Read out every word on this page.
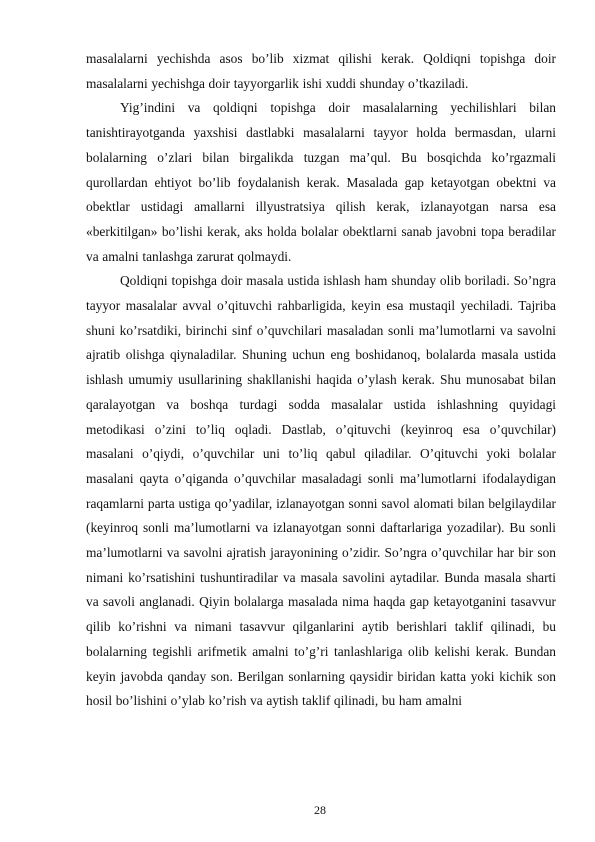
masalalarni yechishda asos bo’lib xizmat qilishi kerak. Qoldiqni topishga doir masalalarni yechishga doir tayyorgarlik ishi xuddi shunday o’tkaziladi.

Yig’indini va qoldiqni topishga doir masalalarning yechilishlari bilan tanishtirayotganda yaxshisi dastlabki masalalarni tayyor holda bermasdan, ularni bolalarning o’zlari bilan birgalikda tuzgan ma’qul. Bu bosqichda ko’rgazmali qurollardan ehtiyot bo’lib foydalanish kerak. Masalada gap ketayotgan obektni va obektlar ustidagi amallarni illyustratsiya qilish kerak, izlanayotgan narsa esa «berkitilgan» bo’lishi kerak, aks holda bolalar obektlarni sanab javobni topa beradilar va amalni tanlashga zarurat qolmaydi.

Qoldiqni topishga doir masala ustida ishlash ham shunday olib boriladi. So’ngra tayyor masalalar avval o’qituvchi rahbarligida, keyin esa mustaqil yechiladi. Tajriba shuni ko’rsatdiki, birinchi sinf o’quvchilari masaladan sonli ma’lumotlarni va savolni ajratib olishga qiynaladilar. Shuning uchun eng boshidanoq, bolalarda masala ustida ishlash umumiy usullarining shakllanishi haqida o’ylash kerak. Shu munosabat bilan qaralayotgan va boshqa turdagi sodda masalalar ustida ishlashning quyidagi metodikasi o’zini to’liq oqladi. Dastlab, o’qituvchi (keyinroq esa o’quvchilar) masalani o’qiydi, o’quvchilar uni to’liq qabul qiladilar. O’qituvchi yoki bolalar masalani qayta o’qiganda o’quvchilar masaladagi sonli ma’lumotlarni ifodalaydigan raqamlarni parta ustiga qo’yadilar, izlanayotgan sonni savol alomati bilan belgilaydilar (keyinroq sonli ma’lumotlarni va izlanayotgan sonni daftarlariga yozadilar). Bu sonli ma’lumotlarni va savolni ajratish jarayonining o’zidir. So’ngra o’quvchilar har bir son nimani ko’rsatishini tushuntiradilar va masala savolini aytadilar. Bunda masala sharti va savoli anglanadi. Qiyin bolalarga masalada nima haqda gap ketayotganini tasavvur qilib ko’rishni va nimani tasavvur qilganlarini aytib berishlari taklif qilinadi, bu bolalarning tegishli arifmetik amalni to’g’ri tanlashlariga olib kelishi kerak. Bundan keyin javobda qanday son. Berilgan sonlarning qaysidir biridan katta yoki kichik son hosil bo’lishini o’ylab ko’rish va aytish taklif qilinadi, bu ham amalni

28
